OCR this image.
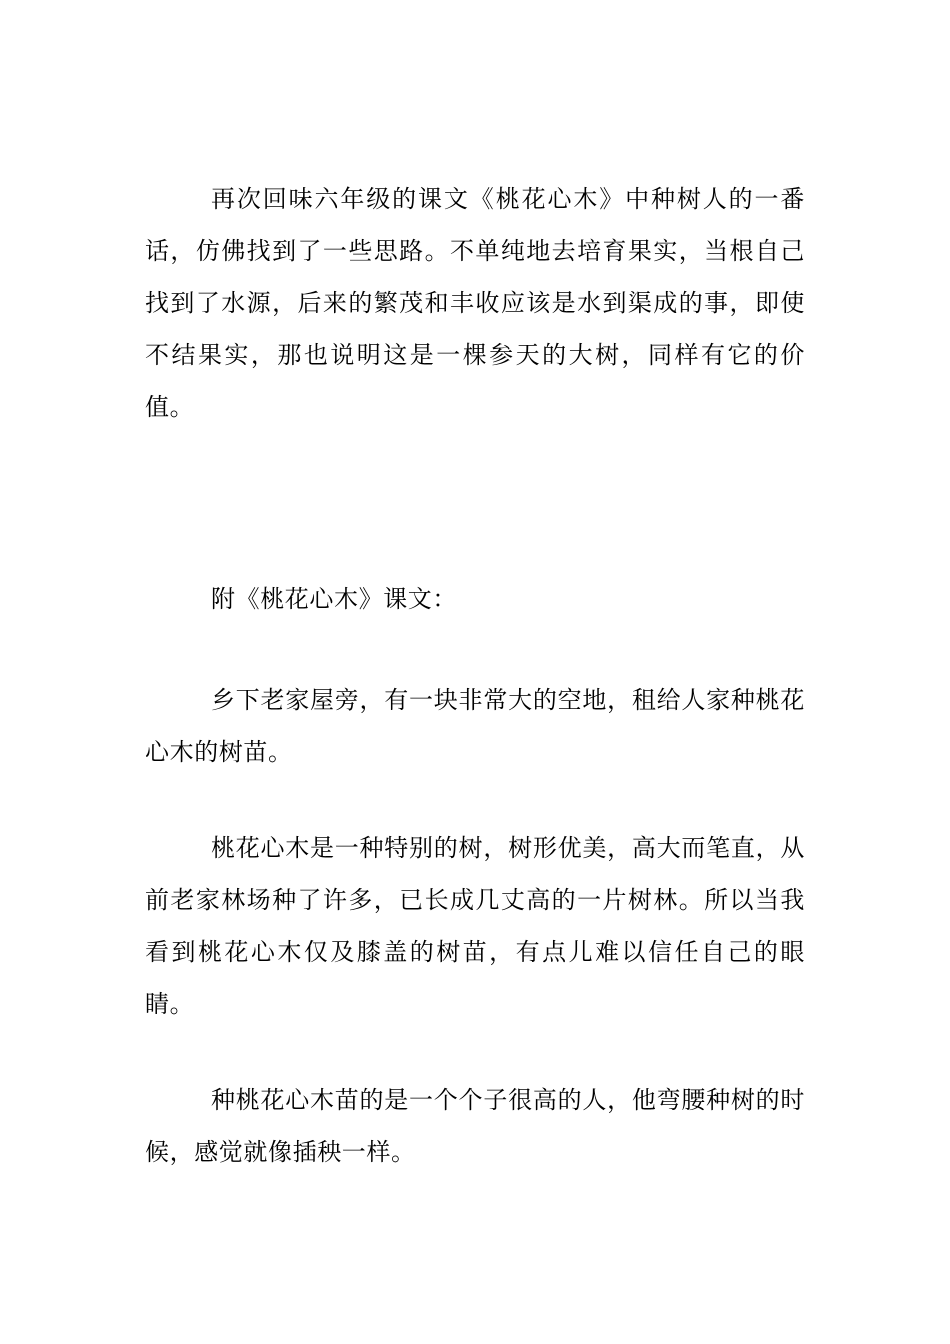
再次回味六年级的课文《桃花心木》中种树人的一番话，仿佛找到了一些思路。不单纯地去培育果实，当根自己找到了水源，后来的繁茂和丰收应该是水到渠成的事，即使不结果实，那也说明这是一棵参天的大树，同样有它的价值。

附《桃花心木》课文：

乡下老家屋旁，有一块非常大的空地，租给人家种桃花心木的树苗。

桃花心木是一种特别的树，树形优美，高大而笔直，从前老家林场种了许多，已长成几丈高的一片树林。所以当我看到桃花心木仅及膝盖的树苗，有点儿难以信任自己的眼睛。

种桃花心木苗的是一个个子很高的人，他弯腰种树的时候，感觉就像插秧一样。
